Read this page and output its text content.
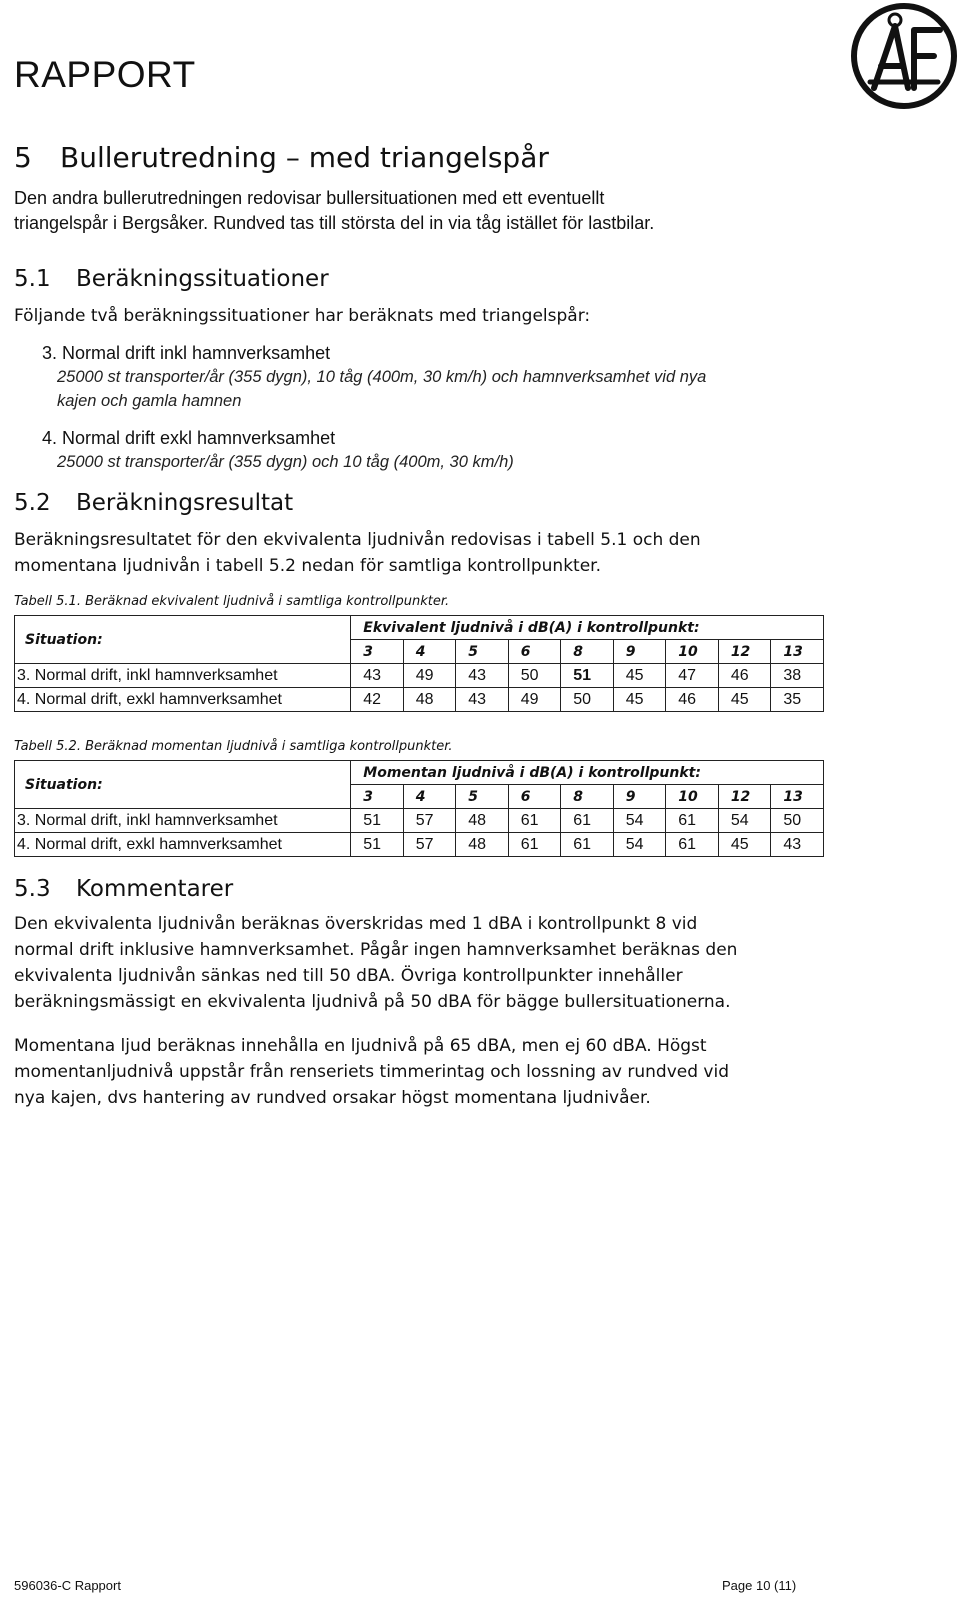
RAPPORT
5 Bullerutredning – med triangelspår

Den andra bullerutredningen redovisar bullersituationen med ett eventuellt

triangelspår i Bergsåker. Rundved tas till största del in via tåg istället för lastbilar.

5.1 Beräkningssituationer

Följande två beräkningssituationer har beräknats med triangelspår:

3. Normal drift inkl hamnverksamhet
25000 st transporter/år (355 dygn), 10 tåg (400m, 30 km/h) och hamnverksamhet vid nya
kajen och gamla hamnen
4. Normal drift exkl hamnverksamhet
25000 st transporter/år (355 dygn) och 10 tåg (400m, 30 km/h)
5.2 Beräkningsresultat

Beräkningsresultatet för den ekvivalenta ljudnivån redovisas i tabell 5.1 och den

momentana ljudnivån i tabell 5.2 nedan för samtliga kontrollpunkter.

Tabell 5.1. Beräknad ekvivalent ljudnivå i samtliga kontrollpunkter.
Situation:	Ekvivalent ljudnivå i dB(A) i kontrollpunkt:								
	3	4	5	6	8	9	10	12	13
3. Normal drift, inkl hamnverksamhet	43	49	43	50	51	45	47	46	38
4. Normal drift, exkl hamnverksamhet	42	48	43	49	50	45	46	45	35
Tabell 5.2. Beräknad momentan ljudnivå i samtliga kontrollpunkter.
Situation:	Momentan ljudnivå i dB(A) i kontrollpunkt:								
	3	4	5	6	8	9	10	12	13
3. Normal drift, inkl hamnverksamhet	51	57	48	61	61	54	61	54	50
4. Normal drift, exkl hamnverksamhet	51	57	48	61	61	54	61	45	43
5.3 Kommentarer

Den ekvivalenta ljudnivån beräknas överskridas med 1 dBA i kontrollpunkt 8 vid
normal drift inklusive hamnverksamhet. Pågår ingen hamnverksamhet beräknas den
ekvivalenta ljudnivån sänkas ned till 50 dBA. Övriga kontrollpunkter innehåller
beräkningsmässigt en ekvivalenta ljudnivå på 50 dBA för bägge bullersituationerna.

Momentana ljud beräknas innehålla en ljudnivå på 65 dBA, men ej 60 dBA. Högst
momentanljudnivå uppstår från renseriets timmerintag och lossning av rundved vid
nya kajen, dvs hantering av rundved orsakar högst momentana ljudnivåer.

596036-C Rapport	Page 10 (11)
